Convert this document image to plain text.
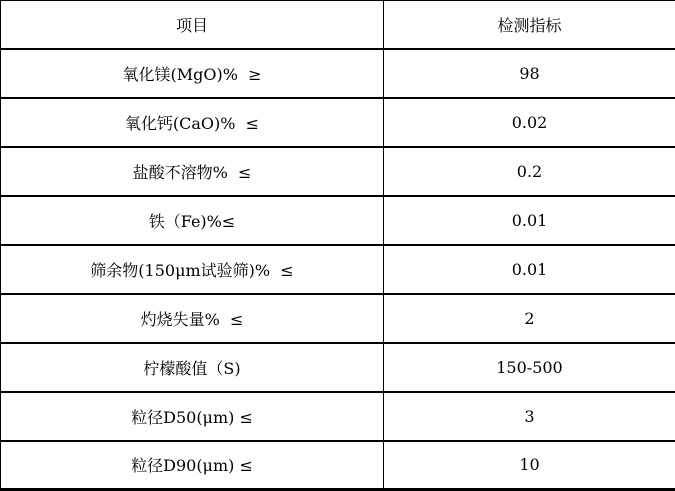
项目	检测指标
氧化镁(MgO)%  ≥	98
氧化钙(CaO)%  ≤	0.02
盐酸不溶物%  ≤	0.2
铁（Fe)%≤	0.01
筛余物(150μm试验筛)%  ≤	0.01
灼烧失量%  ≤	2
柠檬酸值（S)	150-500
粒径D50(μm) ≤	3
粒径D90(μm) ≤	10
